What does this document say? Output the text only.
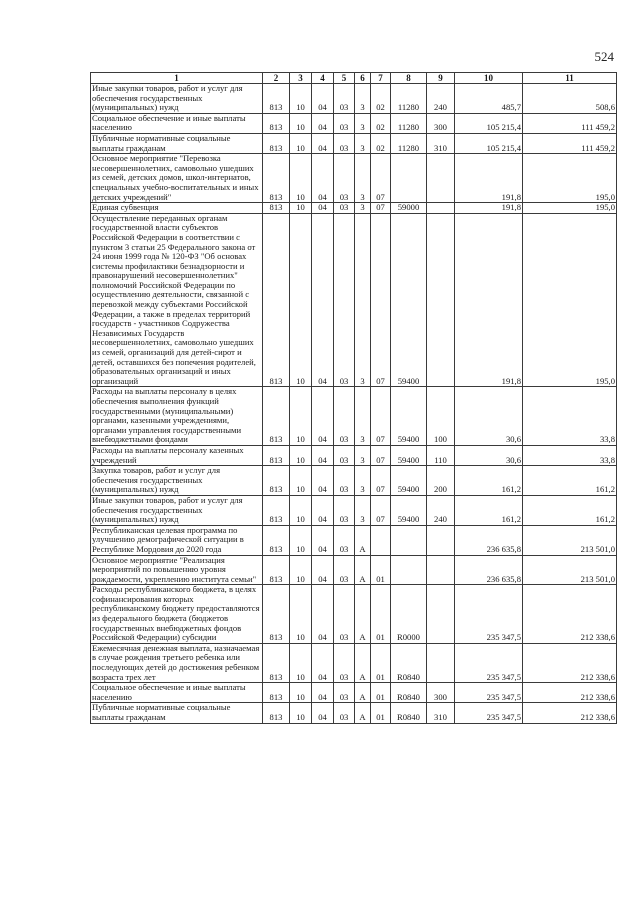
524
1	2	3	4	5	6	7	8	9	10	11
Иные закупки товаров, работ и услуг для обеспечения государственных (муниципальных) нужд	813	10	04	03	3	02	11280	240	485,7	508,6
Социальное обеспечение и иные выплаты населению	813	10	04	03	3	02	11280	300	105 215,4	111 459,2
Публичные нормативные социальные выплаты гражданам	813	10	04	03	3	02	11280	310	105 215,4	111 459,2
Основное мероприятие "Перевозка несовершеннолетних, самовольно ушедших из семей, детских домов, школ-интернатов, специальных учебно-воспитательных и иных детских учреждений"	813	10	04	03	3	07			191,8	195,0
Единая субвенция	813	10	04	03	3	07	59000		191,8	195,0
Осуществление переданных органам государственной власти субъектов Российской Федерации в соответствии с пунктом 3 статьи 25 Федерального закона от 24 июня 1999 года № 120-ФЗ "Об основах системы профилактики безнадзорности и правонарушений несовершеннолетних" полномочий Российской Федерации по осуществлению деятельности, связанной с перевозкой между субъектами Российской Федерации, а также в пределах территорий государств - участников Содружества Независимых Государств несовершеннолетних, самовольно ушедших из семей, организаций для детей-сирот и детей, оставшихся без попечения родителей, образовательных организаций и иных организаций	813	10	04	03	3	07	59400		191,8	195,0
Расходы на выплаты персоналу в целях обеспечения выполнения функций государственными (муниципальными) органами, казенными учреждениями, органами управления государственными внебюджетными фондами	813	10	04	03	3	07	59400	100	30,6	33,8
Расходы на выплаты персоналу казенных учреждений	813	10	04	03	3	07	59400	110	30,6	33,8
Закупка товаров, работ и услуг для обеспечения государственных (муниципальных) нужд	813	10	04	03	3	07	59400	200	161,2	161,2
Иные закупки товаров, работ и услуг для обеспечения государственных (муниципальных) нужд	813	10	04	03	3	07	59400	240	161,2	161,2
Республиканская целевая программа по улучшению демографической ситуации в Республике Мордовия до 2020 года	813	10	04	03	А				236 635,8	213 501,0
Основное мероприятие "Реализация мероприятий по повышению уровня рождаемости, укреплению института семьи"	813	10	04	03	А	01			236 635,8	213 501,0
Расходы республиканского бюджета, в целях софинансирования которых республиканскому бюджету предоставляются из федерального бюджета (бюджетов государственных внебюджетных фондов Российской Федерации) субсидии	813	10	04	03	А	01	R0000		235 347,5	212 338,6
Ежемесячная денежная выплата, назначаемая в случае рождения третьего ребенка или последующих детей до достижения ребенком возраста трех лет	813	10	04	03	А	01	R0840		235 347,5	212 338,6
Социальное обеспечение и иные выплаты населению	813	10	04	03	А	01	R0840	300	235 347,5	212 338,6
Публичные нормативные социальные выплаты гражданам	813	10	04	03	А	01	R0840	310	235 347,5	212 338,6
